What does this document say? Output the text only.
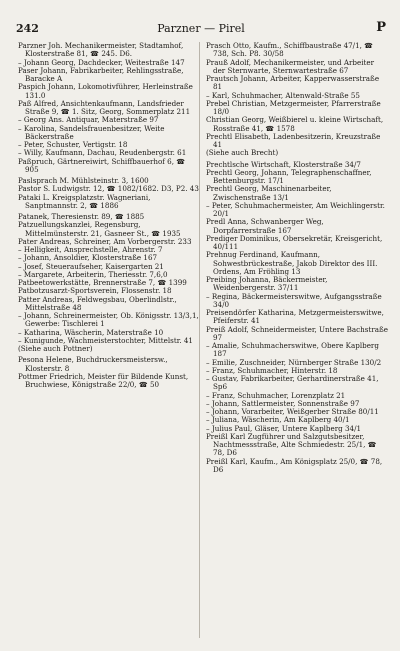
242	Parzner — Pirel	P

Parzner Joh. Mechanikermeister, Stadtamhof, Klosterstraße 81, ☎ 245. D6.

– Johann Georg, Dachdecker, Weitestraße 147

Paser Johann, Fabrikarbeiter, Rehlingsstraße, Baracke A

Paspich Johann, Lokomotivführer, Herleinstraße 131.0

Paß Alfred, Ansichtenkaufmann, Landsfrieder Straße 9, ☎ 1. Sitz, Georg, Sommerplatz 211

– Georg Ans. Antiquar, Materstraße 97

– Karolina, Sandelsfrauenbesitzer, Weite Bäckerstraße

– Peter, Schuster, Vertigstr. 18

– Willy, Kaufmann, Dachau, Reudenbergstr. 61

Paßpruch, Gärtnereiwirt, Schiffbauerhof 6, ☎ 905

Paslsprach M. Mühlsteinstr. 3, 1600

Pastor S. Ludwigstr. 12, ☎ 1082/1682. D3, P2. 43

Pataki L. Kreigsplatzstr. Wagneriani, Sanptmannstr. 2, ☎ 1886

Patanek, Theresienstr. 89, ☎ 1885

Patzuellungskanzlei, Regensburg, Mittelmünsterstr. 21, Gasneer St., ☎ 1935

Pater Andreas, Schreiner, Am Vorbergerstr. 233

– Helligkeit, Ansprechstelle, Ahrenstr. 7

– Johann, Ansoldier, Klosterstraße 167

– Josef, Steueraufseher, Kaisergarten 21

– Margarete, Arbeiterin, Theriesstr. 7,6,0

Patbeetowerkstätte, Brennerstraße 7, ☎ 1399

Patbotzusarzt-Sportsverein, Flossenstr. 18

Patter Andreas, Feldwegsbau, Oberlindlstr., Mittelstraße 48

– Johann, Schreinermeister, Ob. Königsstr. 13/3,1, Gewerbe: Tischlerei 1

– Katharina, Wäscherin, Materstraße 10

– Kunigunde, Wachmeisterstochter, Mittelstr. 41

(Siehe auch Pottner)

Pesona Helene, Buchdruckersmeistersw., Klosterstr. 8

Pottmer Friedrich, Meister für Bildende Kunst, Bruchwiese, Königstraße 22/0, ☎ 50

Prasch Otto, Kaufm., Schiffbaustraße 47/1, ☎ 738, Sch. P8. 30/58

Prauß Adolf, Mechanikermeister, und Arbeiter der Sternwarte, Sternwartestraße 67

Prautsch Johann, Arbeiter, Kapperwasserstraße 81

– Karl, Schuhmacher, Altenwald-Straße 55

Prebel Christian, Metzgermeister, Pfarrerstraße 18/0

Christian Georg, Weißbierel u. kleine Wirtschaft, Rosstraße 41, ☎ 1578

Prechtl Elisabeth, Ladenbesitzerin, Kreuzstraße 41

(Siehe auch Brecht)

Prechtlsche Wirtschaft, Klosterstraße 34/7

Prechtl Georg, Johann, Telegraphenschaffner, Bettenburgstr. 17/1

Prechtl Georg, Maschinenarbeiter, Zwischenstraße 13/1

– Peter, Schuhmachermeister, Am Weichlingerstr. 20/1

Predl Anna, Schwanberger Weg, Dorpfarrerstraße 167

Prediger Dominikus, Obersekretär, Kreisgericht, 40/111

Prehnug Ferdinand, Kaufmann, Sohwestbrückestraße, Jakob Direktor des III. Ordens, Am Fröhling 13

Preibing Johanna, Bäckermeister, Weidenbergerstr. 37/11

– Regina, Bäckermeisterswitwe, Aufgangsstraße 34/0

Preisendörfer Katharina, Metzgermeisterswitwe, Pfeiferstr. 41

Preiß Adolf, Schneidermeister, Untere Bachstraße 97

– Amalie, Schuhmacherswitwe, Obere Kaplberg 187

– Emilie, Zuschneider, Nürnberger Straße 130/2

– Franz, Schuhmacher, Hinterstr. 18

– Gustav, Fabrikarbeiter, Gerhardinerstraße 41, Sp6

– Franz, Schuhmacher, Lorenzplatz 21

– Johann, Sattlermeister, Sonnenstraße 97

– Johann, Vorarbeiter, Weißgerber Straße 80/11

– Juliana, Wäscherin, Am Kaplberg 40/1

– Julius Paul, Gläser, Untere Kaplberg 34/1

Preißl Karl Zugführer und Salzgutsbesitzer, Nachtmessstraße, Alte Schmiedestr. 25/1, ☎ 78, D6

Preißl Karl, Kaufm., Am Königsplatz 25/0, ☎ 78, D6
